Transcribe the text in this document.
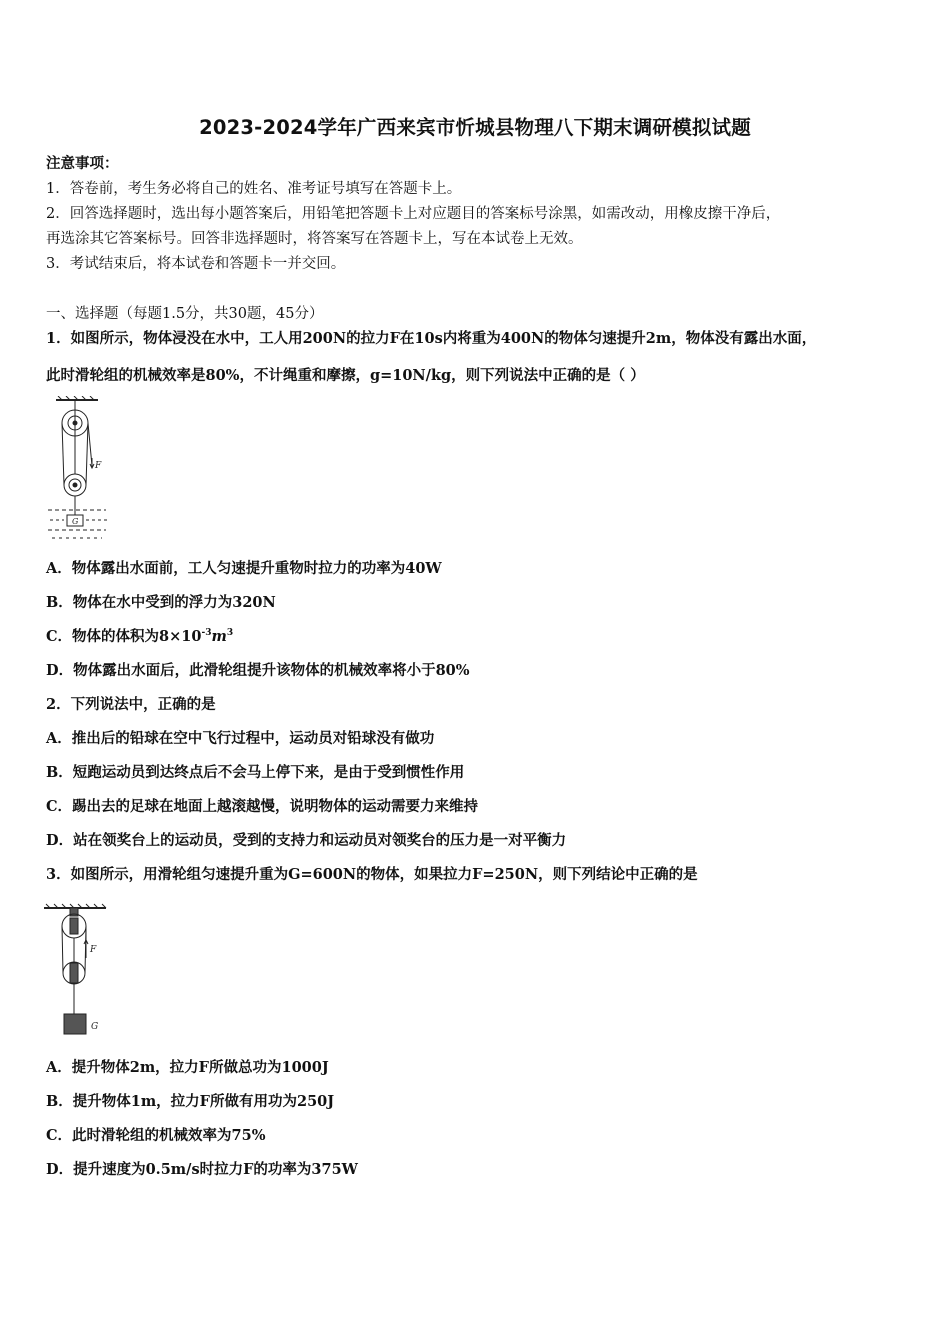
2023-2024学年广西来宾市忻城县物理八下期末调研模拟试题
注意事项：
1．答卷前，考生务必将自己的姓名、准考证号填写在答题卡上。
2．回答选择题时，选出每小题答案后，用铅笔把答题卡上对应题目的答案标号涂黑，如需改动，用橡皮擦干净后，
再选涂其它答案标号。回答非选择题时，将答案写在答题卡上，写在本试卷上无效。
3．考试结束后，将本试卷和答题卡一并交回。
一、选择题（每题1.5分，共30题，45分）
1．如图所示，物体浸没在水中，工人用200N的拉力F在10s内将重为400N的物体匀速提升2m，物体没有露出水面，
此时滑轮组的机械效率是80%，不计绳重和摩擦，g=10N/kg，则下列说法中正确的是（ ）
F
G
A．物体露出水面前，工人匀速提升重物时拉力的功率为40W
B．物体在水中受到的浮力为320N
C．物体的体积为$8\times 10^{-3}m^3$
D．物体露出水面后，此滑轮组提升该物体的机械效率将小于80%
2．下列说法中，正确的是
A．推出后的铅球在空中飞行过程中，运动员对铅球没有做功
B．短跑运动员到达终点后不会马上停下来，是由于受到惯性作用
C．踢出去的足球在地面上越滚越慢，说明物体的运动需要力来维持
D．站在领奖台上的运动员，受到的支持力和运动员对领奖台的压力是一对平衡力
3．如图所示，用滑轮组匀速提升重为G=600N的物体，如果拉力F=250N，则下列结论中正确的是
F
G
A．提升物体2m，拉力F所做总功为1000J
B．提升物体1m，拉力F所做有用功为250J
C．此时滑轮组的机械效率为75%
D．提升速度为0.5m/s时拉力F的功率为375W
